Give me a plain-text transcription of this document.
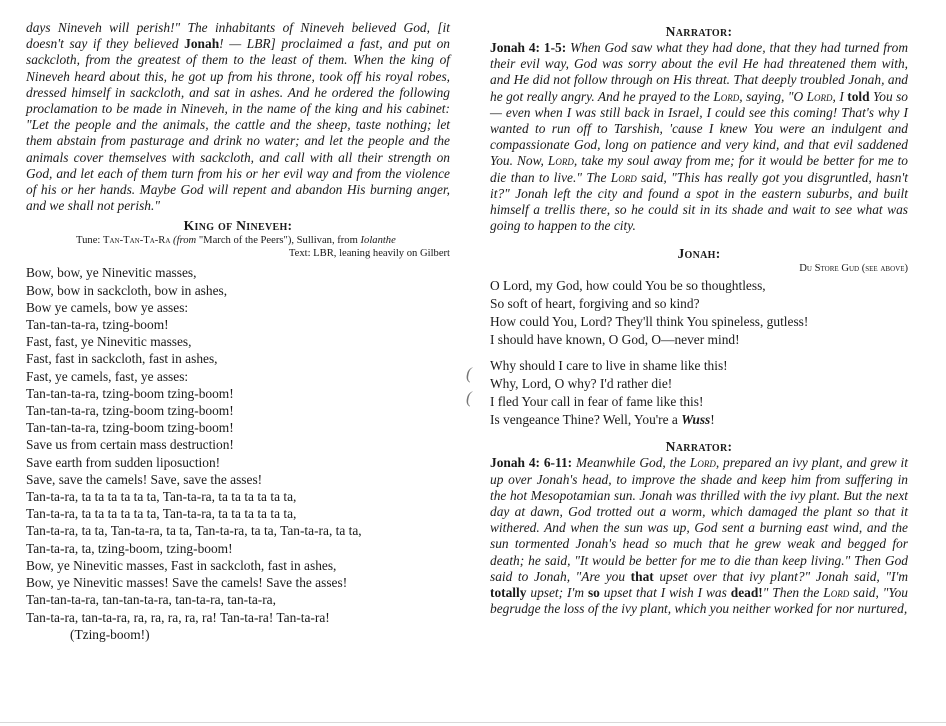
days Nineveh will perish!" The inhabitants of Nineveh believed God, [it doesn't say if they believed Jonah! — LBR] proclaimed a fast, and put on sackcloth, from the greatest of them to the least of them. When the king of Nineveh heard about this, he got up from his throne, took off his royal robes, dressed himself in sackcloth, and sat in ashes. And he ordered the following proclamation to be made in Nineveh, in the name of the king and his cabinet: "Let the people and the animals, the cattle and the sheep, taste nothing; let them abstain from pasturage and drink no water; and let the people and the animals cover themselves with sackcloth, and call with all their strength on God, and let each of them turn from his or her evil way and from the violence of his or her hands. Maybe God will repent and abandon His burning anger, and we shall not perish."

King of Nineveh:

Tune: Tan-Tan-Ta-Ra (from "March of the Peers"), Sullivan, from Iolanthe

Text: LBR, leaning heavily on Gilbert

Bow, bow, ye Ninevitic masses,
Bow, bow in sackcloth, bow in ashes,
Bow ye camels, bow ye asses:
Tan-tan-ta-ra, tzing-boom!
Fast, fast, ye Ninevitic masses,
Fast, fast in sackcloth, fast in ashes,
Fast, ye camels, fast, ye asses:
Tan-tan-ta-ra, tzing-boom tzing-boom!
Tan-tan-ta-ra, tzing-boom tzing-boom!
Tan-tan-ta-ra, tzing-boom tzing-boom!
Save us from certain mass destruction!
Save earth from sudden liposuction!
Save, save the camels! Save, save the asses!
Tan-ta-ra, ta ta ta ta ta ta, Tan-ta-ra, ta ta ta ta ta ta,
Tan-ta-ra, ta ta ta ta ta ta, Tan-ta-ra, ta ta ta ta ta ta,
Tan-ta-ra, ta ta, Tan-ta-ra, ta ta, Tan-ta-ra, ta ta, Tan-ta-ra, ta ta,
Tan-ta-ra, ta, tzing-boom, tzing-boom!
Bow, ye Ninevitic masses, Fast in sackcloth, fast in ashes,
Bow, ye Ninevitic masses! Save the camels! Save the asses!
Tan-tan-ta-ra, tan-tan-ta-ra, tan-ta-ra, tan-ta-ra,
Tan-ta-ra, tan-ta-ra, ra, ra, ra, ra, ra! Tan-ta-ra! Tan-ta-ra!
(Tzing-boom!)
(
(

Narrator:

Jonah 4: 1-5: When God saw what they had done, that they had turned from their evil way, God was sorry about the evil He had threatened them with, and He did not follow through on His threat. That deeply troubled Jonah, and he got really angry. And he prayed to the Lord, saying, "O Lord, I told You so — even when I was still back in Israel, I could see this coming! That's why I wanted to run off to Tarshish, 'cause I knew You were an indulgent and compassionate God, long on patience and very kind, and that evil saddened You. Now, Lord, take my soul away from me; for it would be better for me to die than to live." The Lord said, "This has really got you disgruntled, hasn't it?" Jonah left the city and found a spot in the eastern suburbs, and built himself a trellis there, so he could sit in its shade and wait to see what was going to happen to the city.

Jonah:

Du Store Gud (see above)

O Lord, my God, how could You be so thoughtless,
So soft of heart, forgiving and so kind?
How could You, Lord? They'll think You spineless, gutless!
I should have known, O God, O—never mind!
Why should I care to live in shame like this!
Why, Lord, O why? I'd rather die!
I fled Your call in fear of fame like this!
Is vengeance Thine? Well, You're a Wuss!

Narrator:

Jonah 4: 6-11: Meanwhile God, the Lord, prepared an ivy plant, and grew it up over Jonah's head, to improve the shade and keep him from suffering in the hot Mesopotamian sun. Jonah was thrilled with the ivy plant. But the next day at dawn, God trotted out a worm, which damaged the plant so that it withered. And when the sun was up, God sent a burning east wind, and the sun tormented Jonah's head so much that he grew weak and begged for death; he said, "It would be better for me to die than keep living." Then God said to Jonah, "Are you that upset over that ivy plant?" Jonah said, "I'm totally upset; I'm so upset that I wish I was dead!" Then the Lord said, "You begrudge the loss of the ivy plant, which you neither worked for nor nurtured,
